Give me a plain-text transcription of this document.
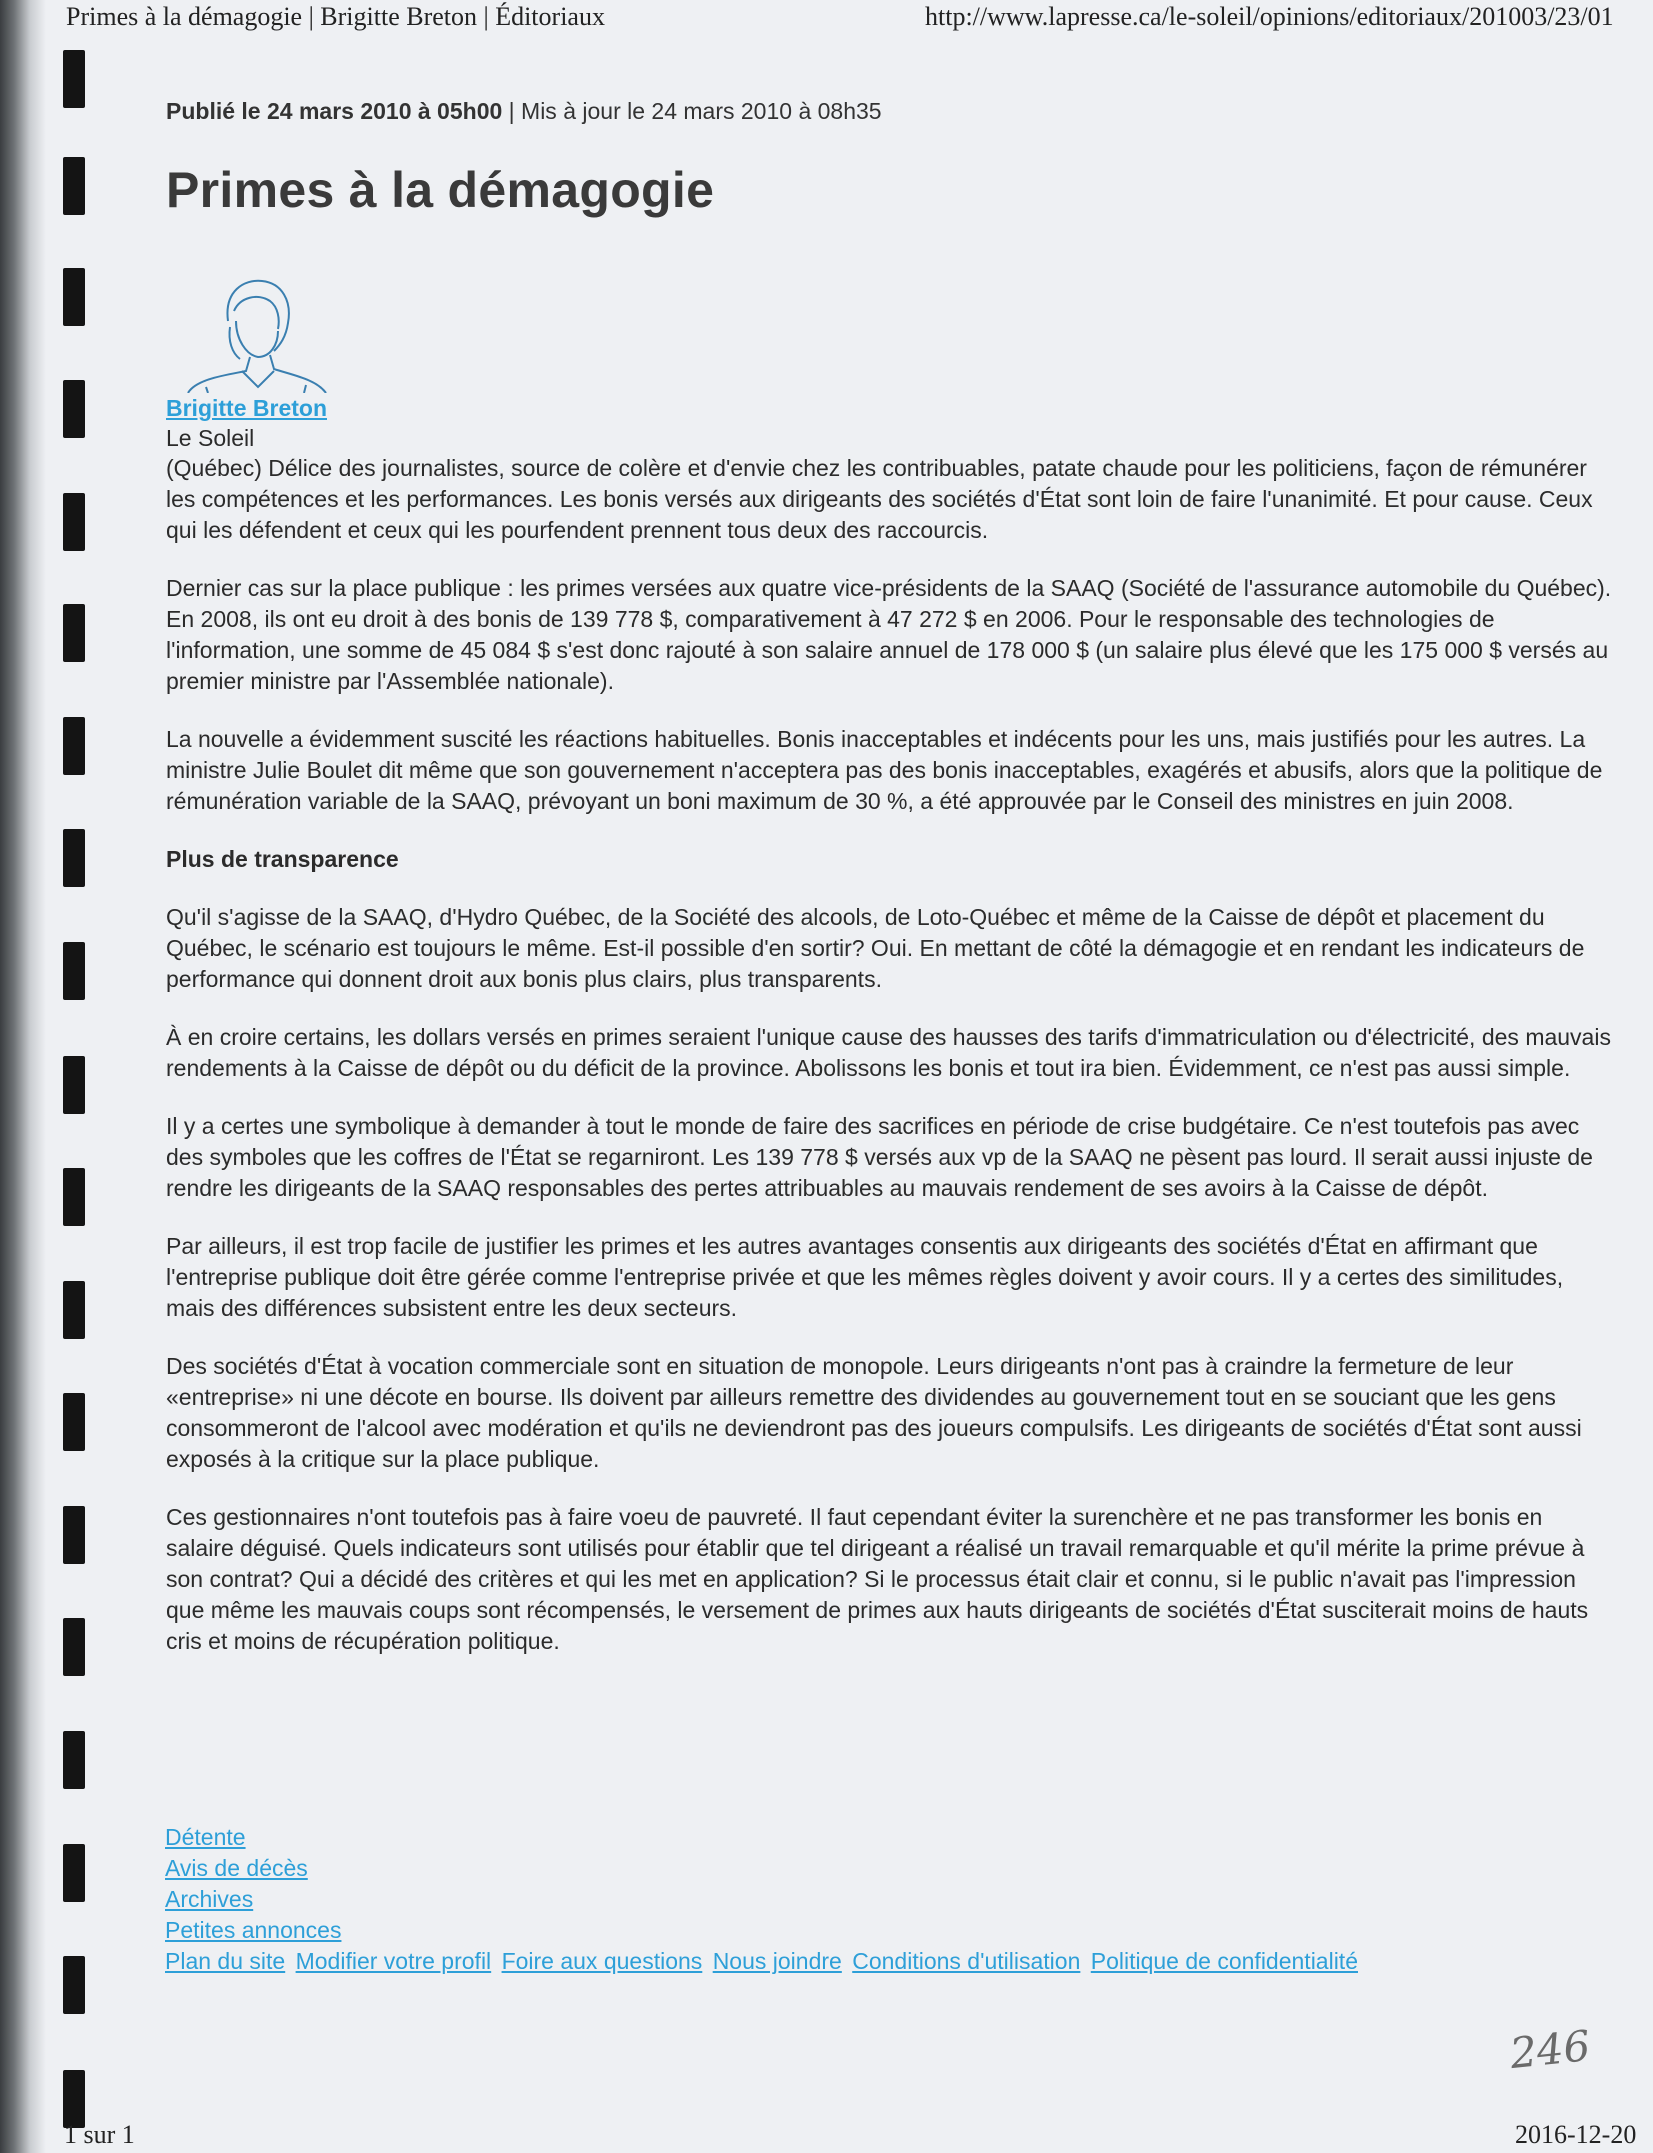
Primes à la démagogie | Brigitte Breton | Éditoriaux	http://www.lapresse.ca/le-soleil/opinions/editoriaux/201003/23/01
Publié le 24 mars 2010 à 05h00 | Mis à jour le 24 mars 2010 à 08h35
Primes à la démagogie
Brigitte Breton
Le Soleil

(Québec) Délice des journalistes, source de colère et d'envie chez les contribuables, patate chaude pour les politiciens, façon de rémunérer les compétences et les performances. Les bonis versés aux dirigeants des sociétés d'État sont loin de faire l'unanimité. Et pour cause. Ceux qui les défendent et ceux qui les pourfendent prennent tous deux des raccourcis.

Dernier cas sur la place publique : les primes versées aux quatre vice-présidents de la SAAQ (Société de l'assurance automobile du Québec). En 2008, ils ont eu droit à des bonis de 139 778 $, comparativement à 47 272 $ en 2006. Pour le responsable des technologies de l'information, une somme de 45 084 $ s'est donc rajouté à son salaire annuel de 178 000 $ (un salaire plus élevé que les 175 000 $ versés au premier ministre par l'Assemblée nationale).

La nouvelle a évidemment suscité les réactions habituelles. Bonis inacceptables et indécents pour les uns, mais justifiés pour les autres. La ministre Julie Boulet dit même que son gouvernement n'acceptera pas des bonis inacceptables, exagérés et abusifs, alors que la politique de rémunération variable de la SAAQ, prévoyant un boni maximum de 30 %, a été approuvée par le Conseil des ministres en juin 2008.

Plus de transparence

Qu'il s'agisse de la SAAQ, d'Hydro Québec, de la Société des alcools, de Loto-Québec et même de la Caisse de dépôt et placement du Québec, le scénario est toujours le même. Est-il possible d'en sortir? Oui. En mettant de côté la démagogie et en rendant les indicateurs de performance qui donnent droit aux bonis plus clairs, plus transparents.

À en croire certains, les dollars versés en primes seraient l'unique cause des hausses des tarifs d'immatriculation ou d'électricité, des mauvais rendements à la Caisse de dépôt ou du déficit de la province. Abolissons les bonis et tout ira bien. Évidemment, ce n'est pas aussi simple.

Il y a certes une symbolique à demander à tout le monde de faire des sacrifices en période de crise budgétaire. Ce n'est toutefois pas avec des symboles que les coffres de l'État se regarniront. Les 139 778 $ versés aux vp de la SAAQ ne pèsent pas lourd. Il serait aussi injuste de rendre les dirigeants de la SAAQ responsables des pertes attribuables au mauvais rendement de ses avoirs à la Caisse de dépôt.

Par ailleurs, il est trop facile de justifier les primes et les autres avantages consentis aux dirigeants des sociétés d'État en affirmant que l'entreprise publique doit être gérée comme l'entreprise privée et que les mêmes règles doivent y avoir cours. Il y a certes des similitudes, mais des différences subsistent entre les deux secteurs.

Des sociétés d'État à vocation commerciale sont en situation de monopole. Leurs dirigeants n'ont pas à craindre la fermeture de leur «entreprise» ni une décote en bourse. Ils doivent par ailleurs remettre des dividendes au gouvernement tout en se souciant que les gens consommeront de l'alcool avec modération et qu'ils ne deviendront pas des joueurs compulsifs. Les dirigeants de sociétés d'État sont aussi exposés à la critique sur la place publique.

Ces gestionnaires n'ont toutefois pas à faire voeu de pauvreté. Il faut cependant éviter la surenchère et ne pas transformer les bonis en salaire déguisé. Quels indicateurs sont utilisés pour établir que tel dirigeant a réalisé un travail remarquable et qu'il mérite la prime prévue à son contrat? Qui a décidé des critères et qui les met en application? Si le processus était clair et connu, si le public n'avait pas l'impression que même les mauvais coups sont récompensés, le versement de primes aux hauts dirigeants de sociétés d'État susciterait moins de hauts cris et moins de récupération politique.

Détente
Avis de décès
Archives
Petites annonces
Plan du site Modifier votre profil Foire aux questions Nous joindre Conditions d'utilisation Politique de confidentialité
246
1 sur 1	2016-12-20
